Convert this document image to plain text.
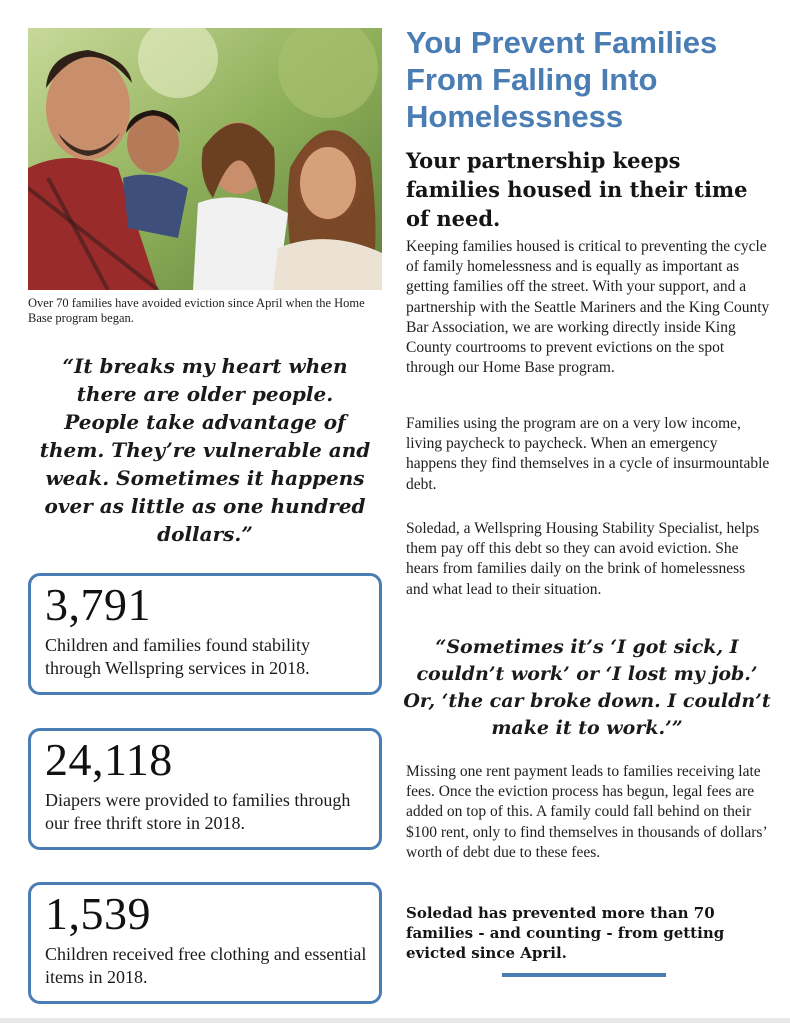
Over 70 families have avoided eviction since April when the Home Base program began.
“It breaks my heart when there are older people. People take advantage of them. They’re vulnerable and weak. Sometimes it happens over as little as one hundred dollars.”
3,791
Children and families found stability through Wellspring services in 2018.
24,118
Diapers were provided to families through our free thrift store in 2018.
1,539
Children received free clothing and essential items in 2018.
You Prevent Families From Falling Into Homelessness
Your partnership keeps families housed in their time of need.
Keeping families housed is critical to preventing the cycle of family homelessness and is equally as important as getting families off the street. With your support, and a partnership with the Seattle Mariners and the King County Bar Association, we are working directly inside King County courtrooms to prevent evictions on the spot through our Home Base program.
Families using the program are on a very low income, living paycheck to paycheck. When an emergency happens they find themselves in a cycle of insurmountable debt.
Soledad, a Wellspring Housing Stability Specialist, helps them pay off this debt so they can avoid eviction. She hears from families daily on the brink of homelessness and what lead to their situation.
“Sometimes it’s ‘I got sick, I couldn’t work’ or ‘I lost my job.’ Or, ‘the car broke down. I couldn’t make it to work.’”
Missing one rent payment leads to families receiving late fees. Once the eviction process has begun, legal fees are added on top of this. A family could fall behind on their $100 rent, only to find themselves in thousands of dollars’ worth of debt due to these fees.
Soledad has prevented more than 70 families - and counting - from getting evicted since April.
